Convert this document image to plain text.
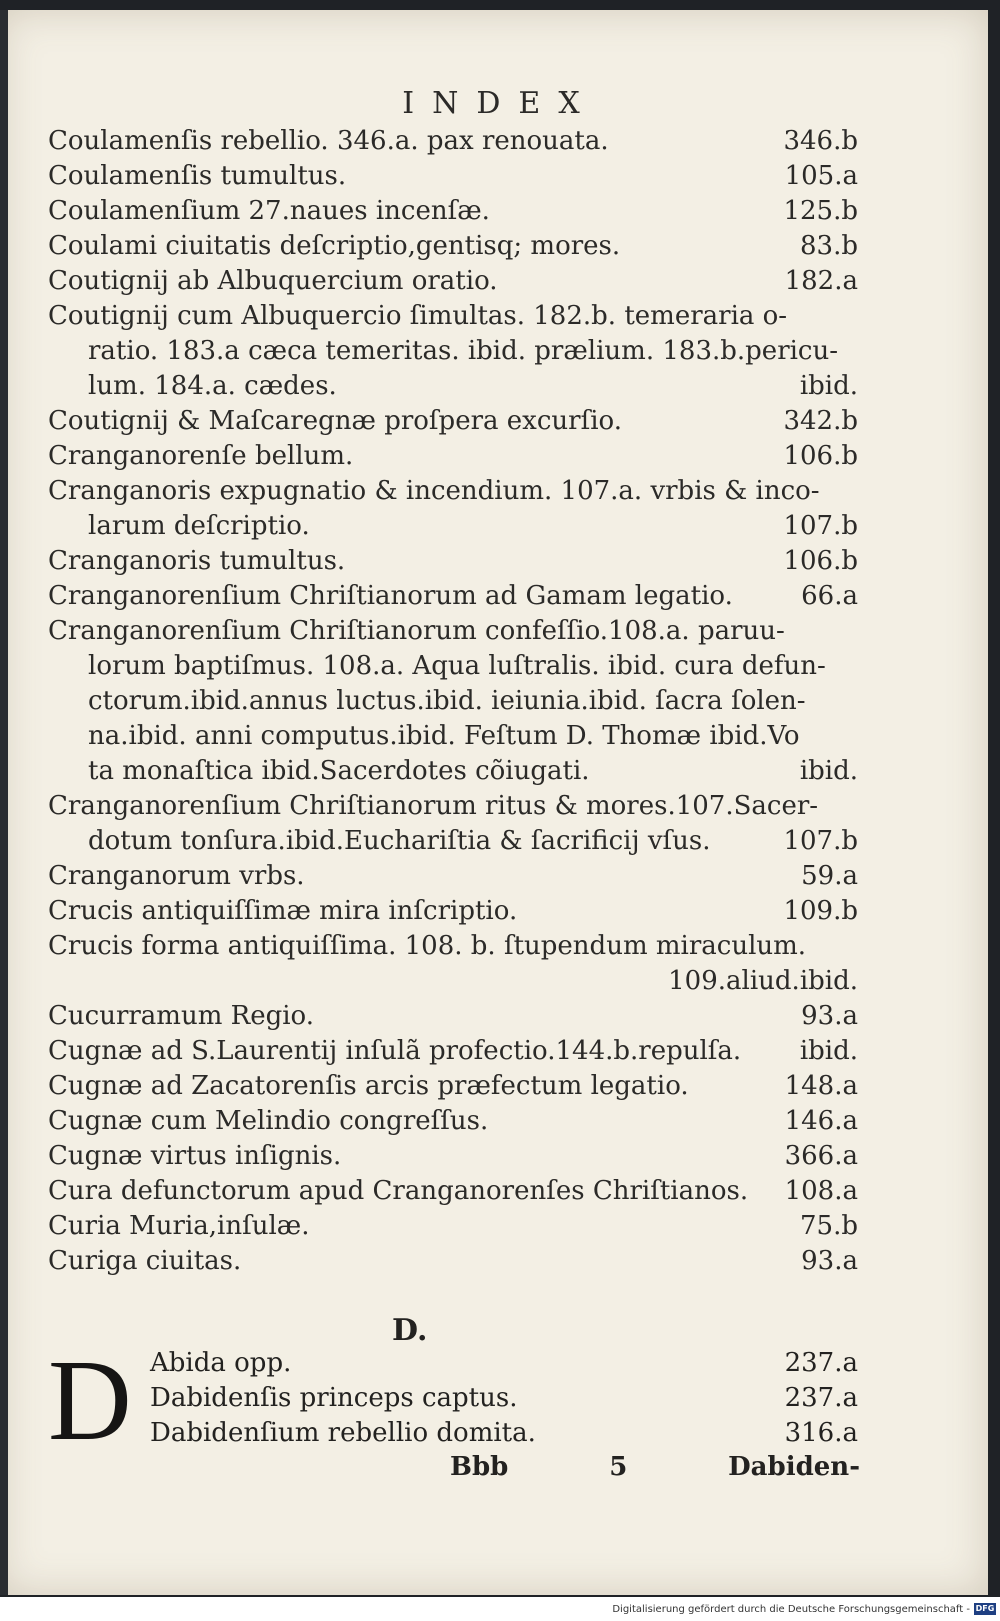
INDEX
Coulamenſis rebellio. 346.a. pax renouata.	346.b
Coulamenſis tumultus.	105.a
Coulamenſium 27.naues incenſæ.	125.b
Coulami ciuitatis deſcriptio,gentisq; mores.	83.b
Coutignij ab Albuquercium oratio.	182.a
Coutignij cum Albuquercio ſimultas. 182.b. temeraria o-
ratio. 183.a cæca temeritas. ibid. prælium. 183.b.pericu-
lum. 184.a. cædes.	ibid.
Coutignij & Maſcaregnæ proſpera excurſio.	342.b
Cranganorenſe bellum.	106.b
Cranganoris expugnatio & incendium. 107.a. vrbis & inco-
larum deſcriptio.	107.b
Cranganoris tumultus.	106.b
Cranganorenſium Chriſtianorum ad Gamam legatio.	66.a
Cranganorenſium Chriſtianorum confeſſio.108.a. paruu-
lorum baptiſmus. 108.a. Aqua luſtralis. ibid. cura defun-
ctorum.ibid.annus luctus.ibid. ieiunia.ibid. ſacra ſolen-
na.ibid. anni computus.ibid. Feſtum D. Thomæ ibid.Vo
ta monaſtica ibid.Sacerdotes cõiugati.	ibid.
Cranganorenſium Chriſtianorum ritus & mores.107.Sacer-
dotum tonſura.ibid.Euchariſtia & ſacrificij vſus.	107.b
Cranganorum vrbs.	59.a
Crucis antiquiſſimæ mira inſcriptio.	109.b
Crucis forma antiquiſſima. 108. b. ſtupendum miraculum.
109.aliud.ibid.
Cucurramum Regio.	93.a
Cugnæ ad S.Laurentij inſulã profectio.144.b.repulſa. ibid.
Cugnæ ad Zacatorenſis arcis præfectum legatio.	148.a
Cugnæ cum Melindio congreſſus.	146.a
Cugnæ virtus inſignis.	366.a
Cura defunctorum apud Cranganorenſes Chriſtianos. 108.a
Curia Muria,inſulæ.	75.b
Curiga ciuitas.	93.a
D.
D Abida opp.	237.a
Dabidenſis princeps captus.	237.a
Dabidenſium rebellio domita.	316.a
Bbb	5	Dabiden-
Digitalisierung gefördert durch die Deutsche Forschungsgemeinschaft - DFG
